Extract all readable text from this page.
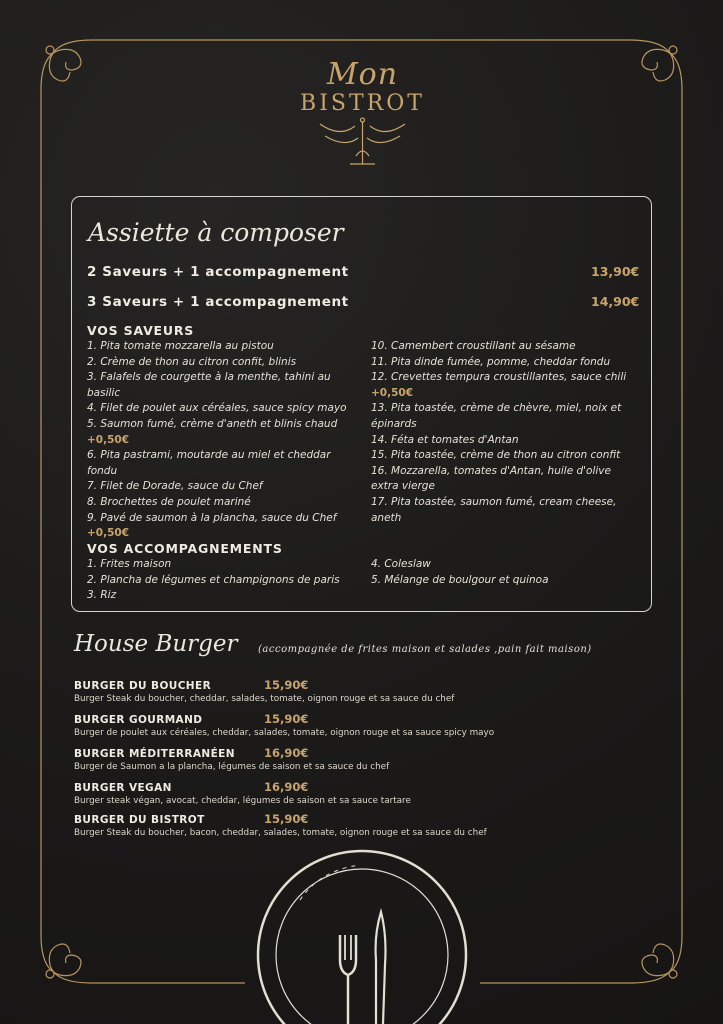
Mon
BISTROT
Assiette à composer
2 Saveurs + 1 accompagnement	13,90€
3 Saveurs + 1 accompagnement	14,90€
VOS SAVEURS
1. Pita tomate mozzarella au pistou
2. Crème de thon au citron confit, blinis
3. Falafels de courgette à la menthe, tahini au basilic
4. Filet de poulet aux céréales, sauce spicy mayo
5. Saumon fumé, crème d'aneth et blinis chaud +0,50€
6. Pita pastrami, moutarde au miel et cheddar fondu
7. Filet de Dorade, sauce du Chef
8. Brochettes de poulet mariné
9. Pavé de saumon à la plancha, sauce du Chef +0,50€
10. Camembert croustillant au sésame
11. Pita dinde fumée, pomme, cheddar fondu
12. Crevettes tempura croustillantes, sauce chili +0,50€
13. Pita toastée, crème de chèvre, miel, noix et épinards
14. Féta et tomates d'Antan
15. Pita toastée, crème de thon au citron confit
16. Mozzarella, tomates d'Antan, huile d'olive extra vierge
17. Pita toastée, saumon fumé, cream cheese, aneth
VOS ACCOMPAGNEMENTS
1. Frites maison
2. Plancha de légumes et champignons de paris
3. Riz
4. Coleslaw
5. Mélange de boulgour et quinoa
House Burger (accompagnée de frites maison et salades ,pain fait maison)
BURGER DU BOUCHER	15,90€
Burger Steak du boucher, cheddar, salades, tomate, oignon rouge et sa sauce du chef
BURGER GOURMAND	15,90€
Burger de poulet aux céréales, cheddar, salades, tomate, oignon rouge et sa sauce spicy mayo
BURGER MÉDITERRANÉEN	16,90€
Burger de Saumon a la plancha, légumes de saison et sa sauce du chef
BURGER VEGAN	16,90€
Burger steak végan, avocat, cheddar, légumes de saison et sa sauce tartare
BURGER DU BISTROT	15,90€
Burger Steak du boucher, bacon, cheddar, salades, tomate, oignon rouge et sa sauce du chef
